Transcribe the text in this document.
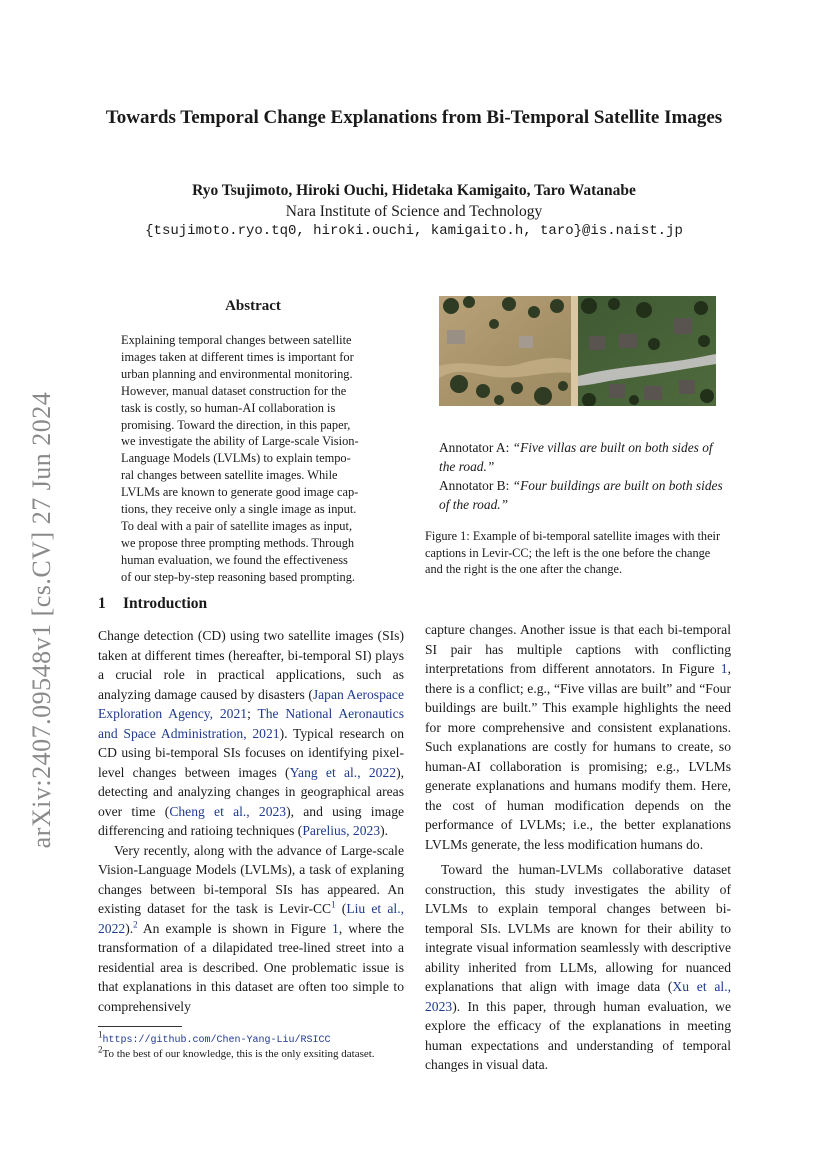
arXiv:2407.09548v1 [cs.CV] 27 Jun 2024
Towards Temporal Change Explanations from Bi-Temporal Satellite Images
Ryo Tsujimoto, Hiroki Ouchi, Hidetaka Kamigaito, Taro Watanabe
Nara Institute of Science and Technology
{tsujimoto.ryo.tq0, hiroki.ouchi, kamigaito.h, taro}@is.naist.jp
Abstract
Explaining temporal changes between satellite
images taken at different times is important for
urban planning and environmental monitoring.
However, manual dataset construction for the
task is costly, so human-AI collaboration is
promising. Toward the direction, in this paper,
we investigate the ability of Large-scale Vision-
Language Models (LVLMs) to explain tempo-
ral changes between satellite images. While
LVLMs are known to generate good image cap-
tions, they receive only a single image as input.
To deal with a pair of satellite images as input,
we propose three prompting methods. Through
human evaluation, we found the effectiveness
of our step-by-step reasoning based prompting.
Annotator A: “Five villas are built on both sides of the road.”
Annotator B: “Four buildings are built on both sides of the road.”
Figure 1: Example of bi-temporal satellite images with their captions in Levir-CC; the left is the one before the change and the right is the one after the change.
1 Introduction

Change detection (CD) using two satellite images (SIs) taken at different times (hereafter, bi-temporal SI) plays a crucial role in practical applications, such as analyzing damage caused by disasters (Japan Aerospace Exploration Agency, 2021; The National Aeronautics and Space Administration, 2021). Typical research on CD using bi-temporal SIs focuses on identifying pixel-level changes between images (Yang et al., 2022), detecting and analyzing changes in geographical areas over time (Cheng et al., 2023), and using image differencing and ratioing techniques (Parelius, 2023).

Very recently, along with the advance of Large-scale Vision-Language Models (LVLMs), a task of explaning changes between bi-temporal SIs has appeared. An existing dataset for the task is Levir-$CC^1$ (Liu et al., 2022).$^2$ An example is shown in Figure 1, where the transformation of a dilapidated tree-lined street into a residential area is described. One problematic issue is that explanations in this dataset are often too simple to comprehensively

$^1$https://github.com/Chen-Yang-Liu/RSICC
$^2$To the best of our knowledge, this is the only exsiting dataset.

capture changes. Another issue is that each bi-temporal SI pair has multiple captions with conflicting interpretations from different annotators. In Figure 1, there is a conflict; e.g., “Five villas are built” and “Four buildings are built.” This example highlights the need for more comprehensive and consistent explanations. Such explanations are costly for humans to create, so human-AI collaboration is promising; e.g., LVLMs generate explanations and humans modify them. Here, the cost of human modification depends on the performance of LVLMs; i.e., the better explanations LVLMs generate, the less modification humans do.

Toward the human-LVLMs collaborative dataset construction, this study investigates the ability of LVLMs to explain temporal changes between bi-temporal SIs. LVLMs are known for their ability to integrate visual information seamlessly with descriptive ability inherited from LLMs, allowing for nuanced explanations that align with image data (Xu et al., 2023). In this paper, through human evaluation, we explore the efficacy of the explanations in meeting human expectations and understanding of temporal changes in visual data.
